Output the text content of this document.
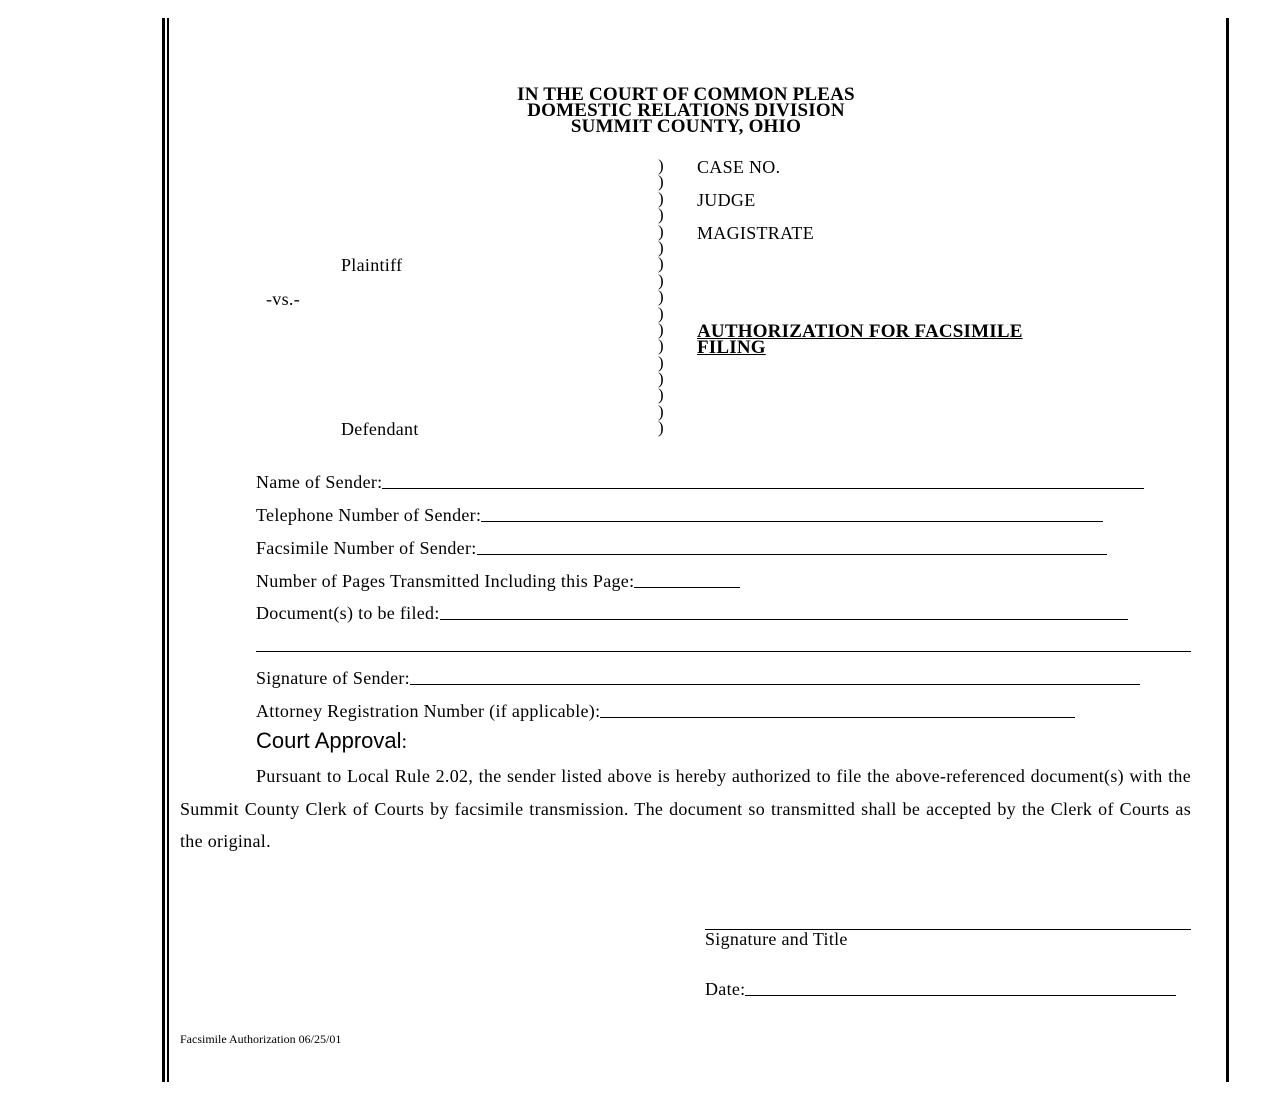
IN THE COURT OF COMMON PLEAS
DOMESTIC RELATIONS DIVISION
SUMMIT COUNTY, OHIO
)
)
)
)
)
)
)
)
)
)
)
)
)
)
)
)
)
CASE NO.
JUDGE
MAGISTRATE
AUTHORIZATION FOR FACSIMILE
FILING
Plaintiff
-vs.-
Defendant
Name of Sender:
Telephone Number of Sender:
Facsimile Number of Sender:
Number of Pages Transmitted Including this Page:
Document(s) to be filed:
Signature of Sender:
Attorney Registration Number (if applicable):
Court Approval:
Pursuant to Local Rule 2.02, the sender listed above is hereby authorized to file the above-referenced document(s) with the Summit County Clerk of Courts by facsimile transmission. The document so transmitted shall be accepted by the Clerk of Courts as the original.
Signature and Title
Date:
Facsimile Authorization 06/25/01
